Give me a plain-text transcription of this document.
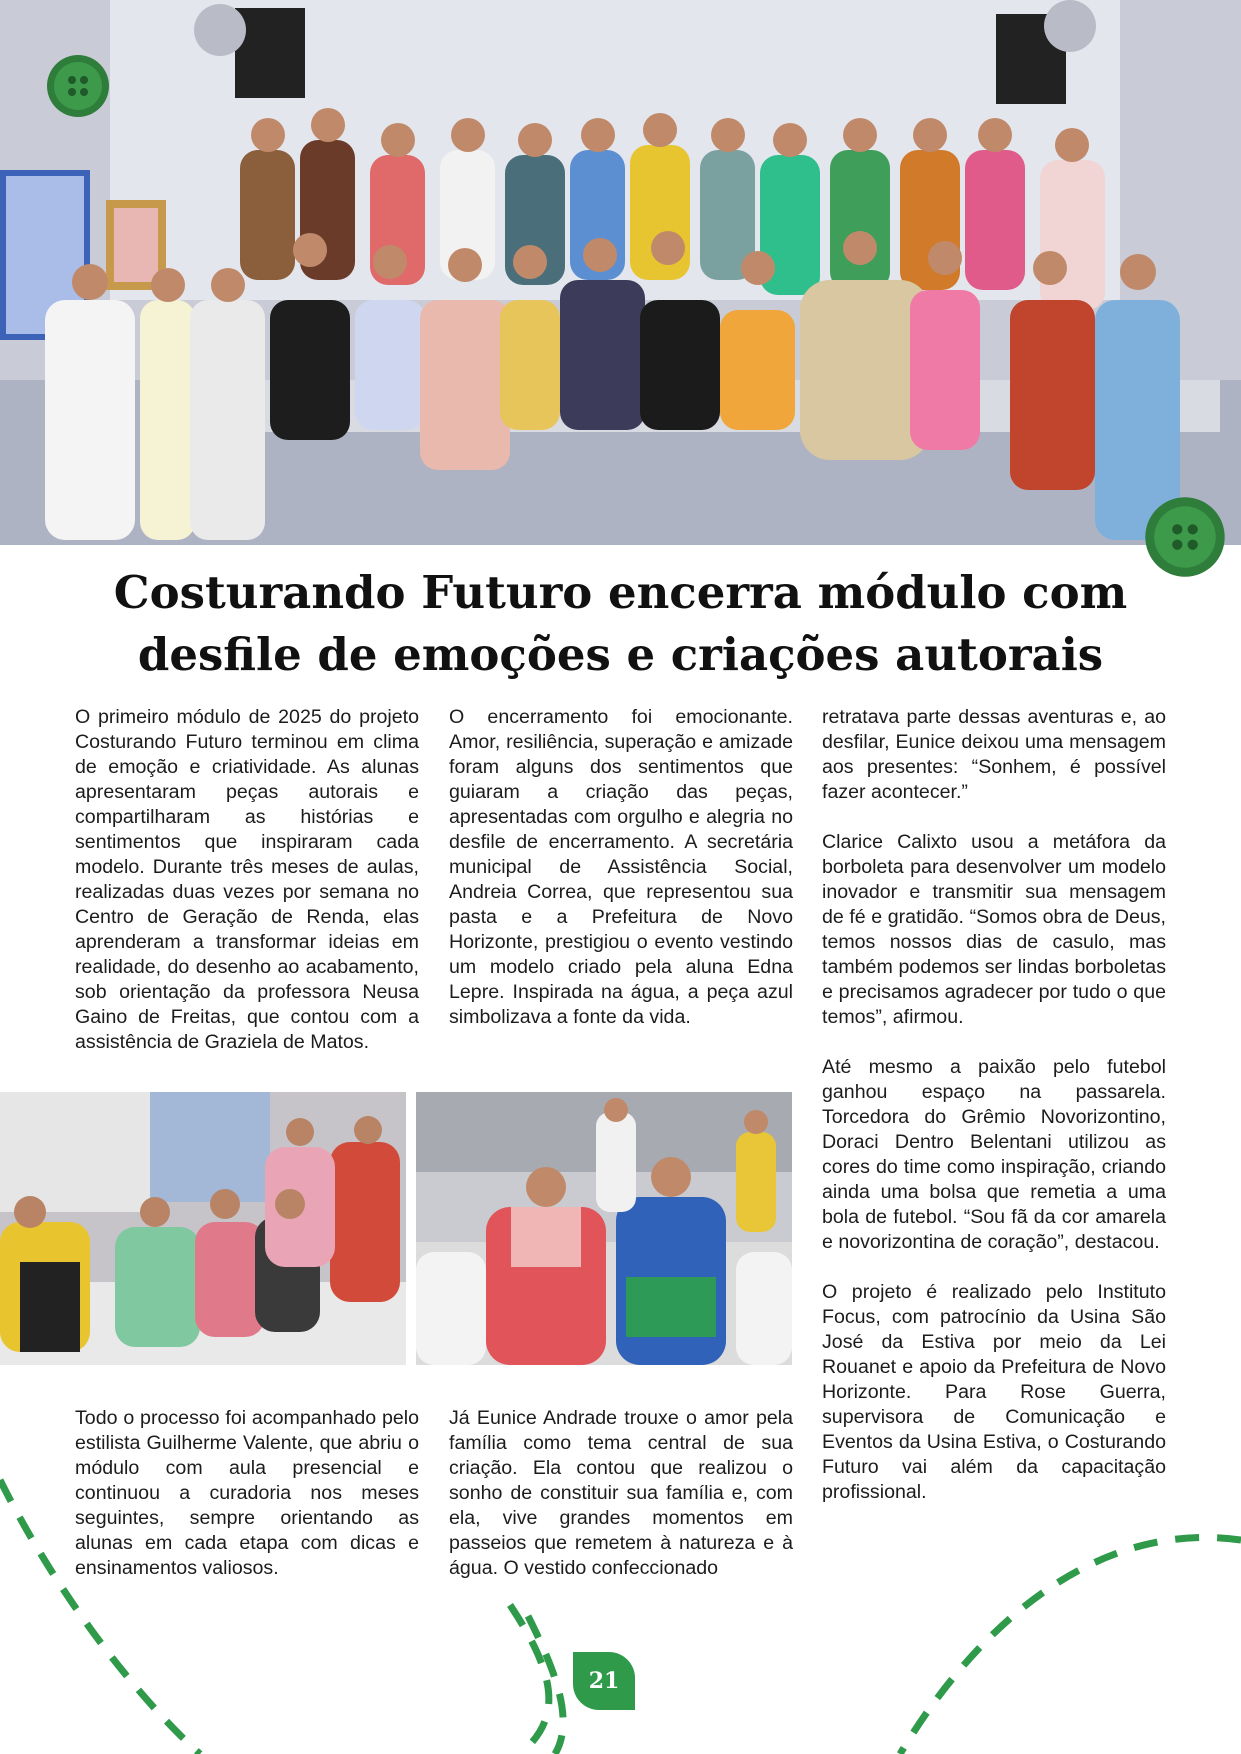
Costurando Futuro encerra módulo com desfile de emoções e criações autorais

O primeiro módulo de 2025 do projeto Costurando Futuro terminou em clima de emoção e criatividade. As alunas apresentaram peças autorais e compartilharam as histórias e sentimentos que inspiraram cada modelo. Durante três meses de aulas, realizadas duas vezes por semana no Centro de Geração de Renda, elas aprenderam a transformar ideias em realidade, do desenho ao acabamento, sob orientação da professora Neusa Gaino de Freitas, que contou com a assistência de Graziela de Matos.

O encerramento foi emocionante. Amor, resiliência, superação e amizade foram alguns dos sentimentos que guiaram a criação das peças, apresentadas com orgulho e alegria no desfile de encerramento. A secretária municipal de Assistência Social, Andreia Correa, que representou sua pasta e a Prefeitura de Novo Horizonte, prestigiou o evento vestindo um modelo criado pela aluna Edna Lepre. Inspirada na água, a peça azul simbolizava a fonte da vida.

retratava parte dessas aventuras e, ao desfilar, Eunice deixou uma mensagem aos presentes: “Sonhem, é possível fazer acontecer.”

Clarice Calixto usou a metáfora da borboleta para desenvolver um modelo inovador e transmitir sua mensagem de fé e gratidão. “Somos obra de Deus, temos nossos dias de casulo, mas também podemos ser lindas borboletas e precisamos agradecer por tudo o que temos”, afirmou.

Até mesmo a paixão pelo futebol ganhou espaço na passarela. Torcedora do Grêmio Novorizontino, Doraci Dentro Belentani utilizou as cores do time como inspiração, criando ainda uma bolsa que remetia a uma bola de futebol. “Sou fã da cor amarela e novorizontina de coração”, destacou.

O projeto é realizado pelo Instituto Focus, com patrocínio da Usina São José da Estiva por meio da Lei Rouanet e apoio da Prefeitura de Novo Horizonte. Para Rose Guerra, supervisora de Comunicação e Eventos da Usina Estiva, o Costurando Futuro vai além da capacitação profissional.

Todo o processo foi acompanhado pelo estilista Guilherme Valente, que abriu o módulo com aula presencial e continuou a curadoria nos meses seguintes, sempre orientando as alunas em cada etapa com dicas e ensinamentos valiosos.

Já Eunice Andrade trouxe o amor pela família como tema central de sua criação. Ela contou que realizou o sonho de constituir sua família e, com ela, vive grandes momentos em passeios que remetem à natureza e à água. O vestido confeccionado

21
